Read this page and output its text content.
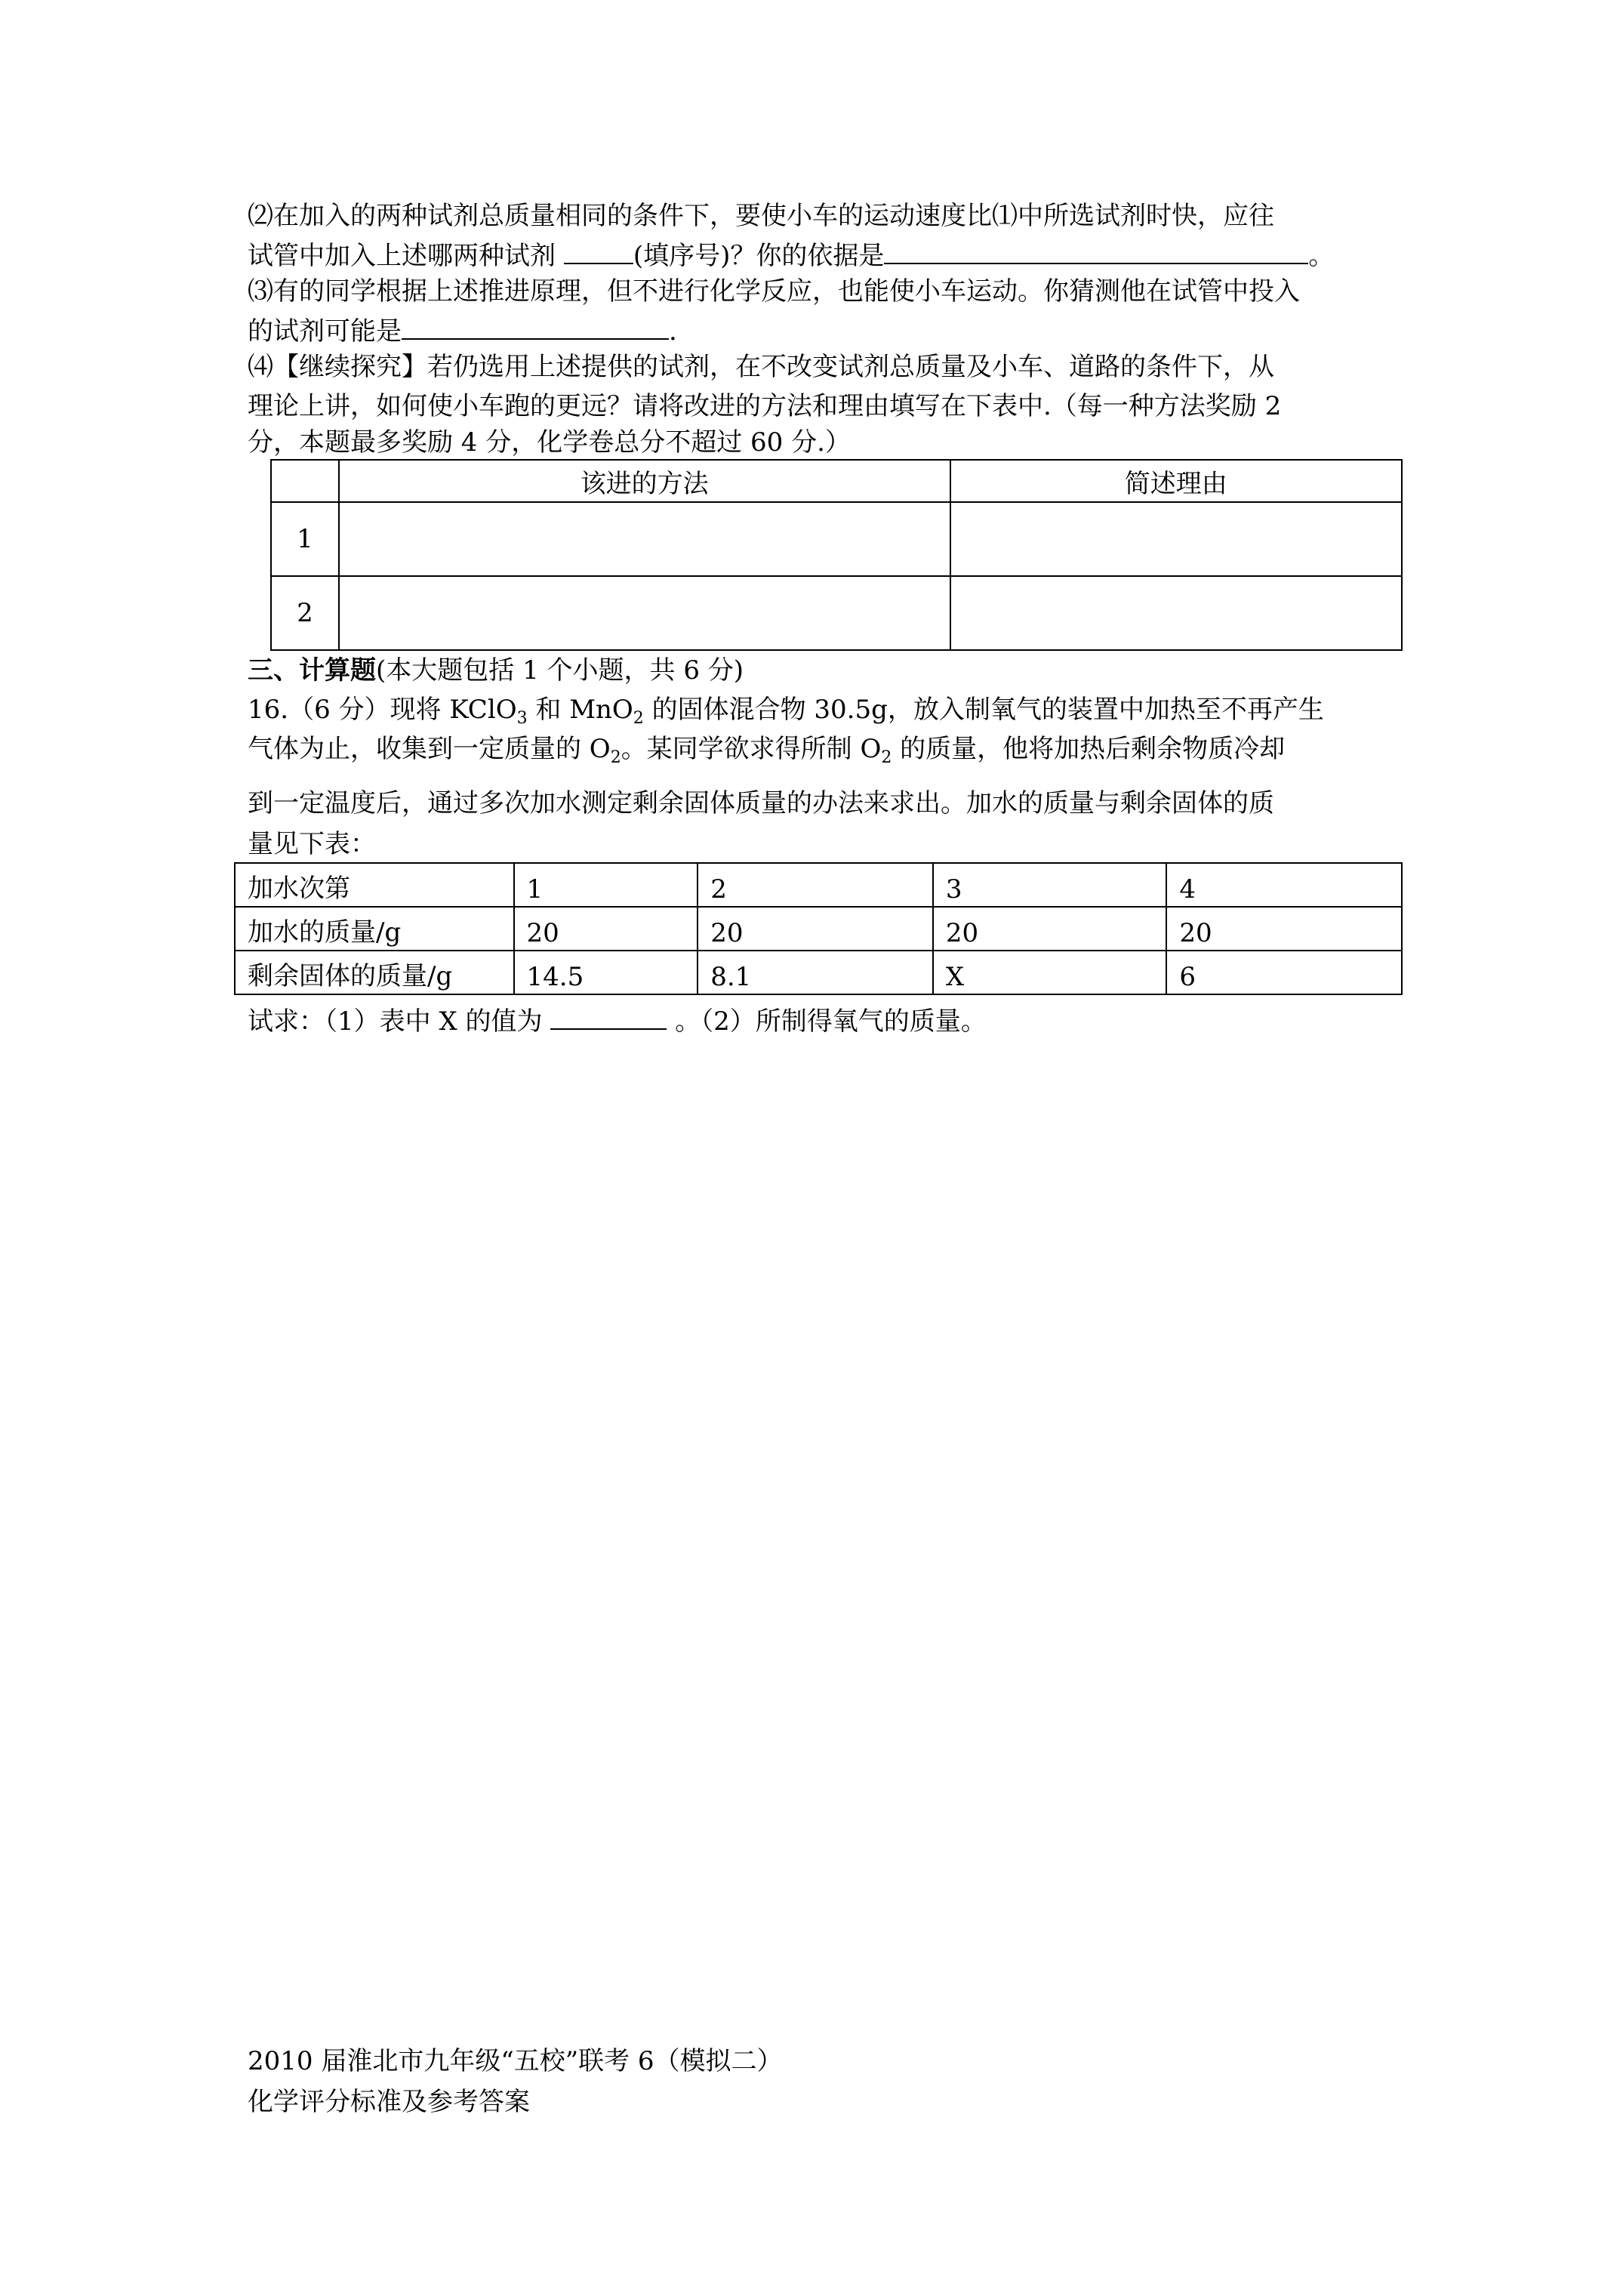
⑵在加入的两种试剂总质量相同的条件下，要使小车的运动速度比⑴中所选试剂时快，应往
试管中加入上述哪两种试剂	(填序号)？你的依据是	。
⑶有的同学根据上述推进原理，但不进行化学反应，也能使小车运动。你猜测他在试管中投入
的试剂可能是	.
⑷【继续探究】若仍选用上述提供的试剂，在不改变试剂总质量及小车、道路的条件下，从
理论上讲，如何使小车跑的更远？请将改进的方法和理由填写在下表中.（每一种方法奖励 2
分，本题最多奖励 4 分，化学卷总分不超过 60 分.）
	该进的方法	简述理由
1		
2		
三、计算题(本大题包括 1 个小题，共 6 分)
16.（6 分）现将 KClO$_3$ 和 MnO$_2$ 的固体混合物 30.5g，放入制氧气的装置中加热至不再产生
气体为止，收集到一定质量的 $O_2$。某同学欲求得所制 $O_2$ 的质量，他将加热后剩余物质冷却
到一定温度后，通过多次加水测定剩余固体质量的办法来求出。加水的质量与剩余固体的质
量见下表：
加水次第	1	2	3	4
加水的质量/g	20	20	20	20
剩余固体的质量/g	14.5	8.1	X	6
试求：（1）表中 X 的值为	。（2）所制得氧气的质量。
2010 届淮北市九年级“五校”联考 6（模拟二）
化学评分标准及参考答案
